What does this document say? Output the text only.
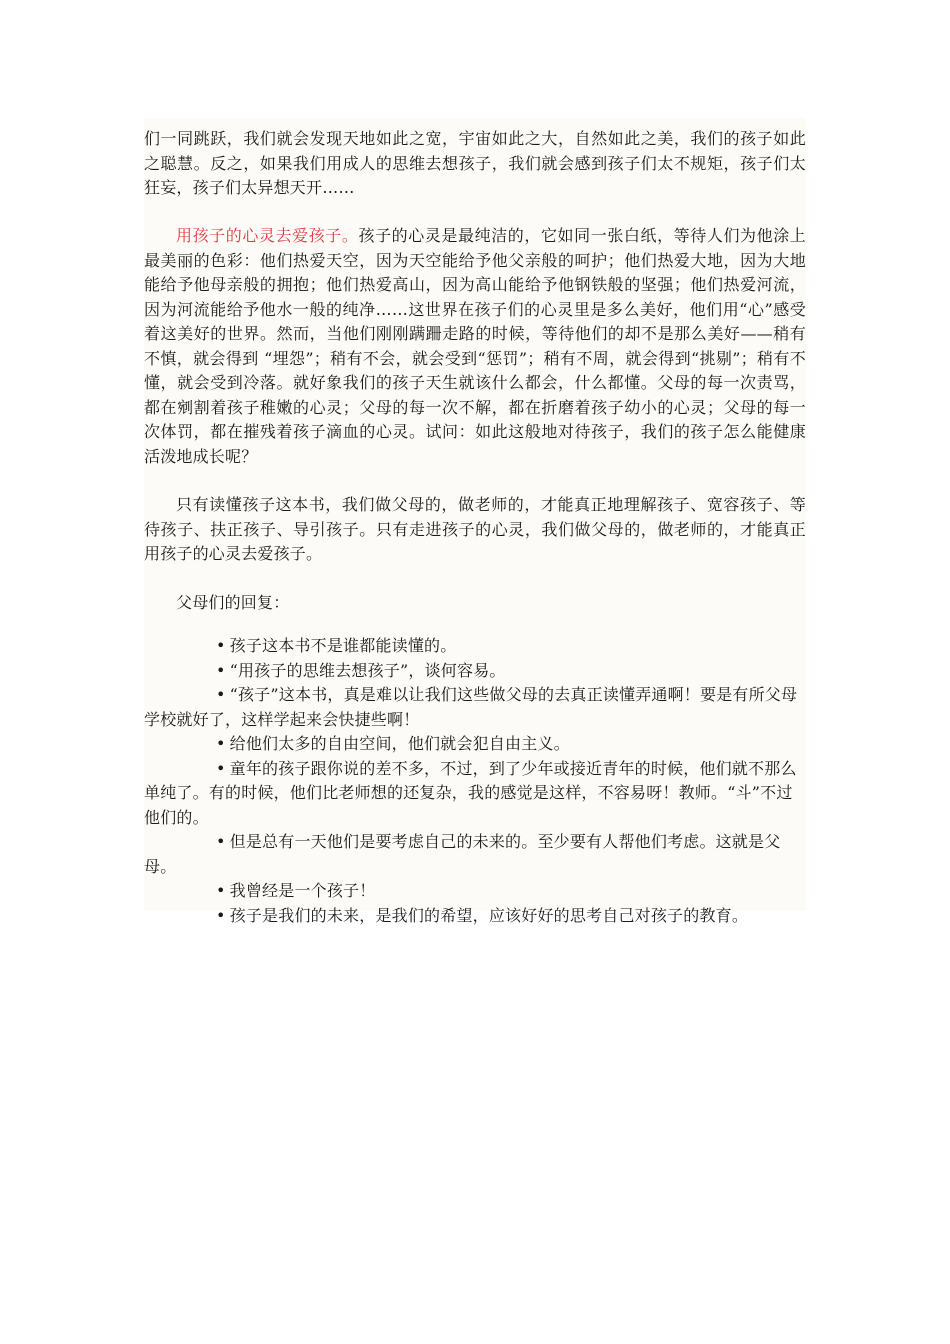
们一同跳跃，我们就会发现天地如此之宽，宇宙如此之大，自然如此之美，我们的孩子如此之聪慧。反之，如果我们用成人的思维去想孩子，我们就会感到孩子们太不规矩，孩子们太狂妄，孩子们太异想天开……

用孩子的心灵去爱孩子。孩子的心灵是最纯洁的，它如同一张白纸，等待人们为他涂上最美丽的色彩：他们热爱天空，因为天空能给予他父亲般的呵护；他们热爱大地，因为大地能给予他母亲般的拥抱；他们热爱高山，因为高山能给予他钢铁般的坚强；他们热爱河流，因为河流能给予他水一般的纯净……这世界在孩子们的心灵里是多么美好，他们用“心”感受着这美好的世界。然而，当他们刚刚蹒跚走路的时候，等待他们的却不是那么美好——稍有不慎，就会得到 “埋怨”；稍有不会，就会受到“惩罚”；稍有不周，就会得到“挑剔”；稍有不懂，就会受到冷落。就好象我们的孩子天生就该什么都会，什么都懂。父母的每一次责骂，都在剜割着孩子稚嫩的心灵；父母的每一次不解，都在折磨着孩子幼小的心灵；父母的每一次体罚，都在摧残着孩子滴血的心灵。试问：如此这般地对待孩子，我们的孩子怎么能健康活泼地成长呢？

只有读懂孩子这本书，我们做父母的，做老师的，才能真正地理解孩子、宽容孩子、等待孩子、扶正孩子、导引孩子。只有走进孩子的心灵，我们做父母的，做老师的，才能真正用孩子的心灵去爱孩子。

父母们的回复：

• 孩子这本书不是谁都能读懂的。
• “用孩子的思维去想孩子”，谈何容易。
• “孩子”这本书，真是难以让我们这些做父母的去真正读懂弄通啊！要是有所父母学校就好了，这样学起来会快捷些啊！
• 给他们太多的自由空间，他们就会犯自由主义。
• 童年的孩子跟你说的差不多，不过，到了少年或接近青年的时候，他们就不那么单纯了。有的时候，他们比老师想的还复杂，我的感觉是这样，不容易呀！教师。“斗”不过他们的。
• 但是总有一天他们是要考虑自己的未来的。至少要有人帮他们考虑。这就是父母。
• 我曾经是一个孩子！
• 孩子是我们的未来，是我们的希望，应该好好的思考自己对孩子的教育。
